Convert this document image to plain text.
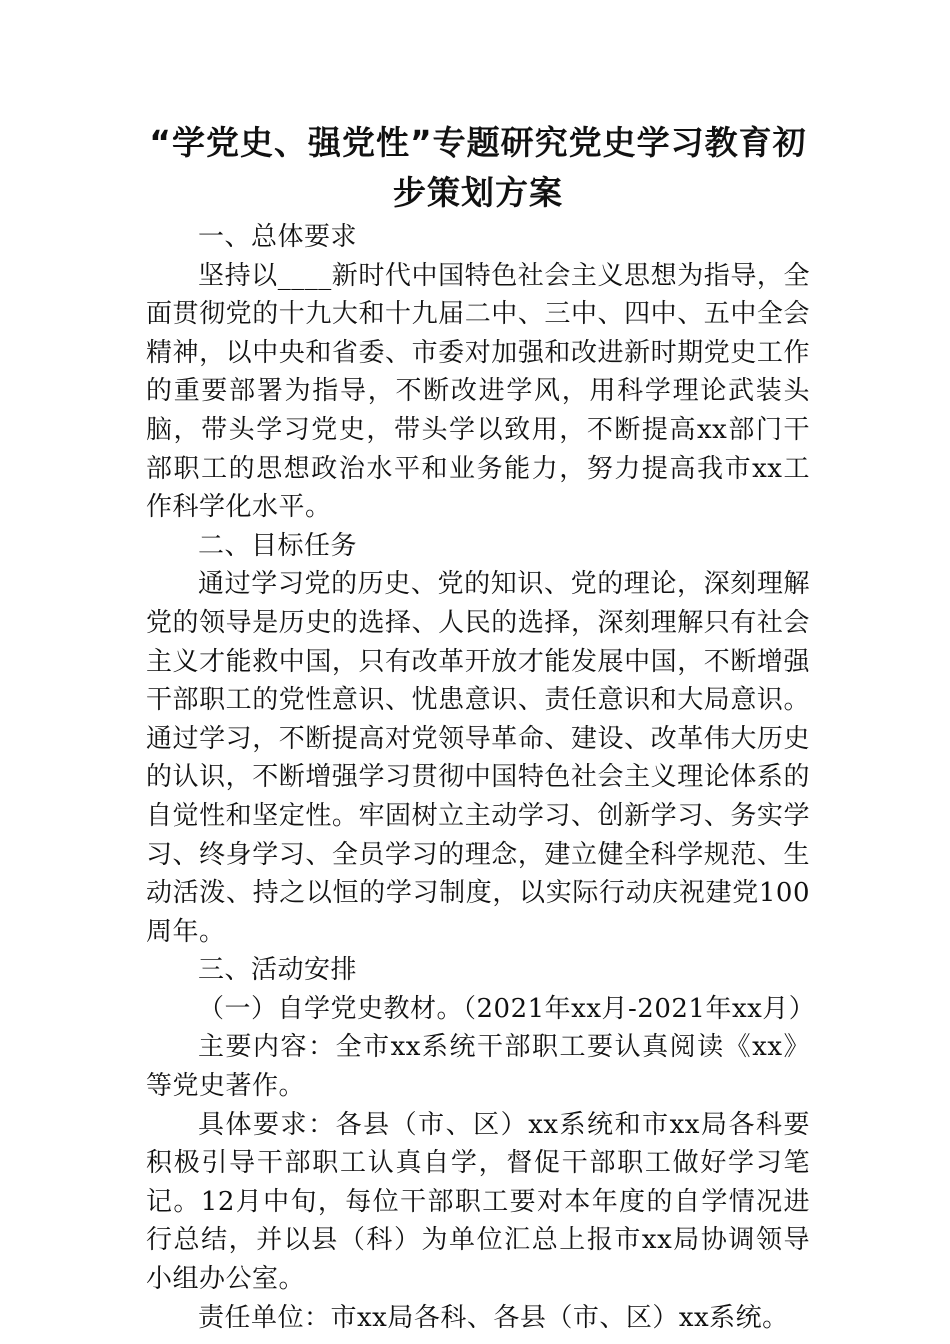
“学党史、强党性”专题研究党史学习教育初步策划方案

一、总体要求

坚持以____新时代中国特色社会主义思想为指导，全面贯彻党的十九大和十九届二中、三中、四中、五中全会精神，以中央和省委、市委对加强和改进新时期党史工作的重要部署为指导，不断改进学风，用科学理论武装头脑，带头学习党史，带头学以致用，不断提高xx部门干部职工的思想政治水平和业务能力，努力提高我市xx工作科学化水平。

二、目标任务

通过学习党的历史、党的知识、党的理论，深刻理解党的领导是历史的选择、人民的选择，深刻理解只有社会主义才能救中国，只有改革开放才能发展中国，不断增强干部职工的党性意识、忧患意识、责任意识和大局意识。通过学习，不断提高对党领导革命、建设、改革伟大历史的认识，不断增强学习贯彻中国特色社会主义理论体系的自觉性和坚定性。牢固树立主动学习、创新学习、务实学习、终身学习、全员学习的理念，建立健全科学规范、生动活泼、持之以恒的学习制度，以实际行动庆祝建党100周年。

三、活动安排

（一）自学党史教材。（2021年xx月-2021年xx月）

主要内容：全市xx系统干部职工要认真阅读《xx》等党史著作。

具体要求：各县（市、区）xx系统和市xx局各科要积极引导干部职工认真自学，督促干部职工做好学习笔记。12月中旬，每位干部职工要对本年度的自学情况进行总结，并以县（科）为单位汇总上报市xx局协调领导小组办公室。

责任单位：市xx局各科、各县（市、区）xx系统。
